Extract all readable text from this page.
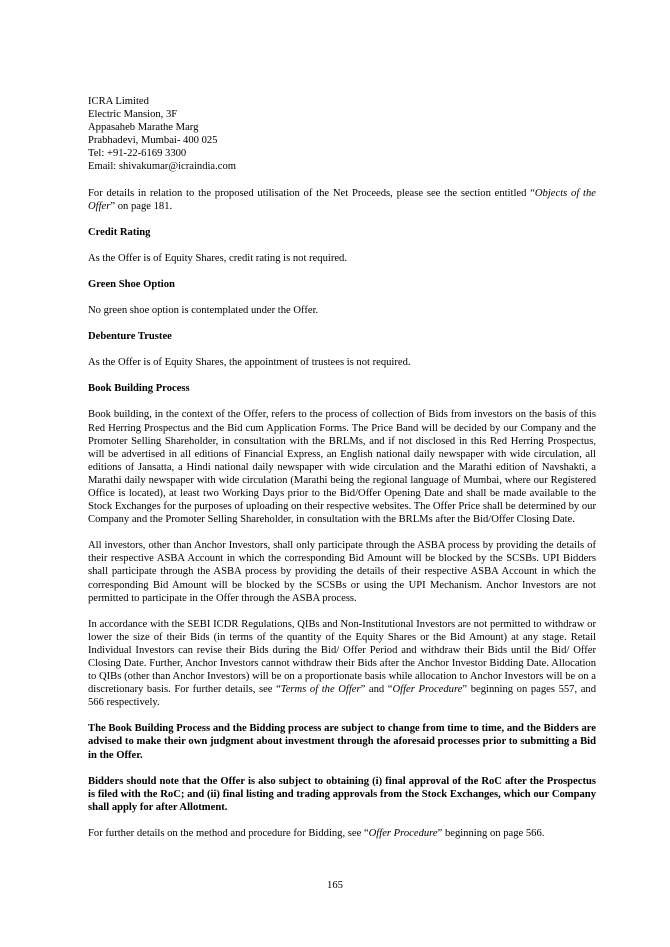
ICRA Limited
Electric Mansion, 3F
Appasaheb Marathe Marg
Prabhadevi, Mumbai- 400 025
Tel: +91-22-6169 3300
Email: shivakumar@icraindia.com

For details in relation to the proposed utilisation of the Net Proceeds, please see the section entitled “Objects of the Offer” on page 181.

Credit Rating

As the Offer is of Equity Shares, credit rating is not required.

Green Shoe Option

No green shoe option is contemplated under the Offer.

Debenture Trustee

As the Offer is of Equity Shares, the appointment of trustees is not required.

Book Building Process

Book building, in the context of the Offer, refers to the process of collection of Bids from investors on the basis of this Red Herring Prospectus and the Bid cum Application Forms. The Price Band will be decided by our Company and the Promoter Selling Shareholder, in consultation with the BRLMs, and if not disclosed in this Red Herring Prospectus, will be advertised in all editions of Financial Express, an English national daily newspaper with wide circulation, all editions of Jansatta, a Hindi national daily newspaper with wide circulation and the Marathi edition of Navshakti, a Marathi daily newspaper with wide circulation (Marathi being the regional language of Mumbai, where our Registered Office is located), at least two Working Days prior to the Bid/Offer Opening Date and shall be made available to the Stock Exchanges for the purposes of uploading on their respective websites. The Offer Price shall be determined by our Company and the Promoter Selling Shareholder, in consultation with the BRLMs after the Bid/Offer Closing Date.

All investors, other than Anchor Investors, shall only participate through the ASBA process by providing the details of their respective ASBA Account in which the corresponding Bid Amount will be blocked by the SCSBs. UPI Bidders shall participate through the ASBA process by providing the details of their respective ASBA Account in which the corresponding Bid Amount will be blocked by the SCSBs or using the UPI Mechanism. Anchor Investors are not permitted to participate in the Offer through the ASBA process.

In accordance with the SEBI ICDR Regulations, QIBs and Non-Institutional Investors are not permitted to withdraw or lower the size of their Bids (in terms of the quantity of the Equity Shares or the Bid Amount) at any stage. Retail Individual Investors can revise their Bids during the Bid/ Offer Period and withdraw their Bids until the Bid/ Offer Closing Date. Further, Anchor Investors cannot withdraw their Bids after the Anchor Investor Bidding Date. Allocation to QIBs (other than Anchor Investors) will be on a proportionate basis while allocation to Anchor Investors will be on a discretionary basis. For further details, see “Terms of the Offer” and “Offer Procedure” beginning on pages 557, and 566 respectively.

The Book Building Process and the Bidding process are subject to change from time to time, and the Bidders are advised to make their own judgment about investment through the aforesaid processes prior to submitting a Bid in the Offer.

Bidders should note that the Offer is also subject to obtaining (i) final approval of the RoC after the Prospectus is filed with the RoC; and (ii) final listing and trading approvals from the Stock Exchanges, which our Company shall apply for after Allotment.

For further details on the method and procedure for Bidding, see “Offer Procedure” beginning on page 566.

165
